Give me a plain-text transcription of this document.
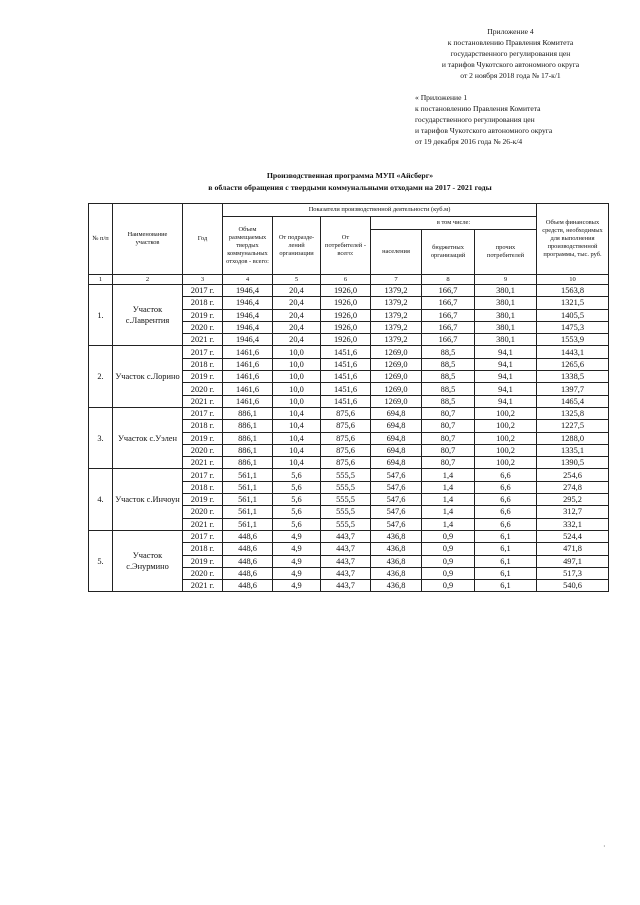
Приложение 4
к постановлению Правления Комитета
государственного регулирования цен
и тарифов Чукотского автономного округа
от 2 ноября 2018 года № 17-к/1
« Приложение 1
к постановлению Правления Комитета
государственного регулирования цен
и тарифов Чукотского автономного округа
от 19 декабря 2016 года № 26-к/4
Производственная программа МУП «Айсберг»
в области обращения с твердыми коммунальными отходами на 2017 - 2021 годы
№ п/п	Наименование участков	Год	Показатели производственной деятельности (куб.м)						Объем финансовых средств, необходимых для выполнения производственной программы, тыс. руб.
			Объем размещаемых твердых коммунальных отходов - всего:	От подразде-лений организации	От потребителей - всего:	в том числе:			
						населения	бюджетных организаций	прочих потребителей	
1	2	3	4	5	6	7	8	9	10
1.	Участок с.Лаврентия	2017 г.	1946,4	20,4	1926,0	1379,2	166,7	380,1	1563,8
		2018 г.	1946,4	20,4	1926,0	1379,2	166,7	380,1	1321,5
		2019 г.	1946,4	20,4	1926,0	1379,2	166,7	380,1	1405,5
		2020 г.	1946,4	20,4	1926,0	1379,2	166,7	380,1	1475,3
		2021 г.	1946,4	20,4	1926,0	1379,2	166,7	380,1	1553,9
2.	Участок с.Лорино	2017 г.	1461,6	10,0	1451,6	1269,0	88,5	94,1	1443,1
		2018 г.	1461,6	10,0	1451,6	1269,0	88,5	94,1	1265,6
		2019 г.	1461,6	10,0	1451,6	1269,0	88,5	94,1	1338,5
		2020 г.	1461,6	10,0	1451,6	1269,0	88,5	94,1	1397,7
		2021 г.	1461,6	10,0	1451,6	1269,0	88,5	94,1	1465,4
3.	Участок с.Уэлен	2017 г.	886,1	10,4	875,6	694,8	80,7	100,2	1325,8
		2018 г.	886,1	10,4	875,6	694,8	80,7	100,2	1227,5
		2019 г.	886,1	10,4	875,6	694,8	80,7	100,2	1288,0
		2020 г.	886,1	10,4	875,6	694,8	80,7	100,2	1335,1
		2021 г.	886,1	10,4	875,6	694,8	80,7	100,2	1390,5
4.	Участок с.Инчоун	2017 г.	561,1	5,6	555,5	547,6	1,4	6,6	254,6
		2018 г.	561,1	5,6	555,5	547,6	1,4	6,6	274,8
		2019 г.	561,1	5,6	555,5	547,6	1,4	6,6	295,2
		2020 г.	561,1	5,6	555,5	547,6	1,4	6,6	312,7
		2021 г.	561,1	5,6	555,5	547,6	1,4	6,6	332,1
5.	Участок с.Энурмино	2017 г.	448,6	4,9	443,7	436,8	0,9	6,1	524,4
		2018 г.	448,6	4,9	443,7	436,8	0,9	6,1	471,8
		2019 г.	448,6	4,9	443,7	436,8	0,9	6,1	497,1
		2020 г.	448,6	4,9	443,7	436,8	0,9	6,1	517,3
		2021 г.	448,6	4,9	443,7	436,8	0,9	6,1	540,6
·
